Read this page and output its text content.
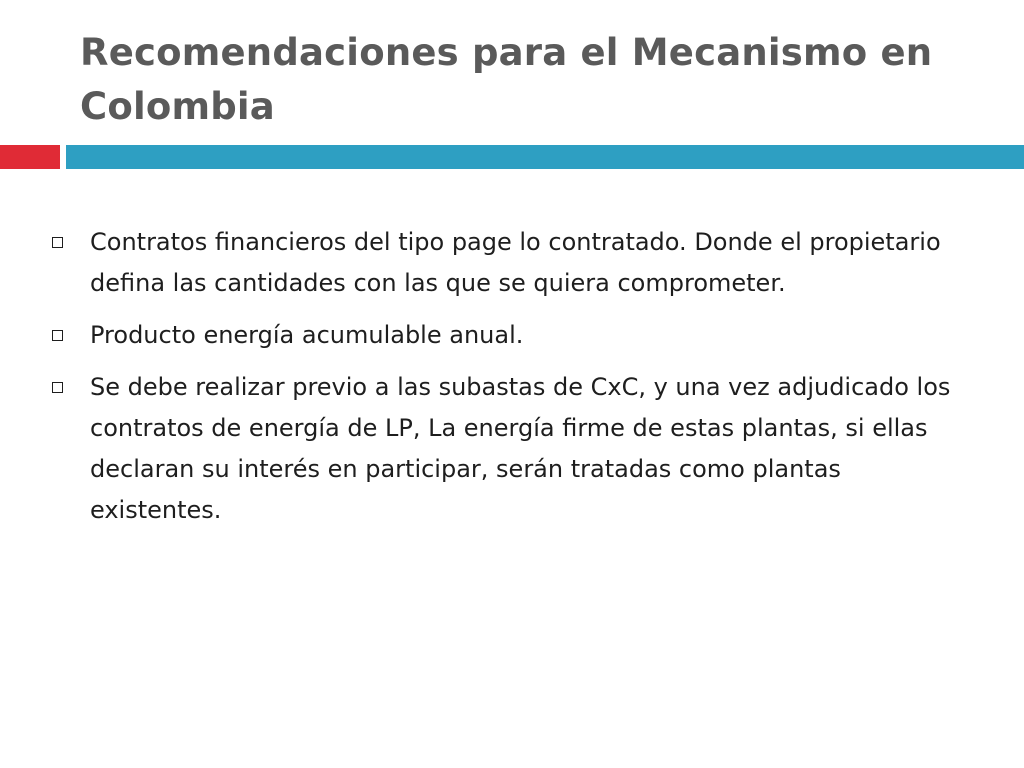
Recomendaciones para el Mecanismo en Colombia
Contratos financieros del tipo page lo contratado. Donde el propietario defina las cantidades con las que se quiera comprometer.
Producto energía acumulable anual.
Se debe realizar previo a las subastas de CxC, y una vez adjudicado los contratos de energía de LP, La energía firme de estas plantas, si ellas declaran su interés en participar, serán tratadas como plantas existentes.
